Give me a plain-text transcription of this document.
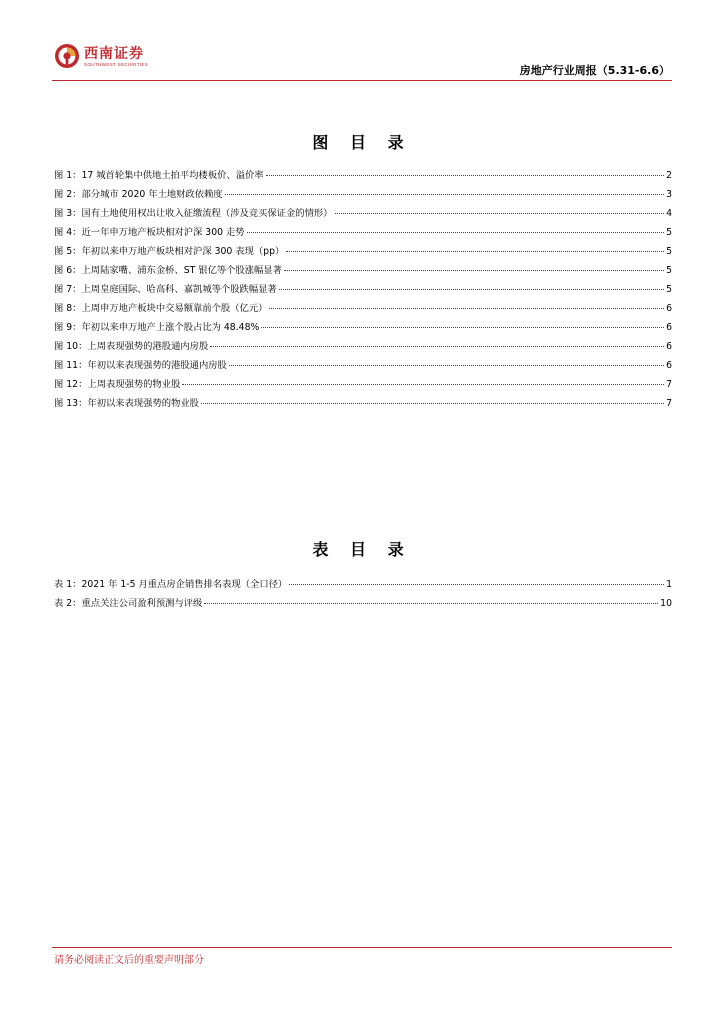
西南证券
SOUTHWEST SECURITIES	房地产行业周报（5.31-6.6）
图 目 录
图 1： 17 城首轮集中供地土拍平均楼板价、溢价率	2
图 2： 部分城市 2020 年土地财政依赖度	3
图 3： 国有土地使用权出让收入征缴流程（涉及竞买保证金的情形）	4
图 4： 近一年申万地产板块相对沪深 300 走势	5
图 5： 年初以来申万地产板块相对沪深 300 表现（pp）	5
图 6： 上周陆家嘴、浦东金桥、ST 银亿等个股涨幅显著	5
图 7： 上周皇庭国际、哈高科、嘉凯城等个股跌幅显著	5
图 8： 上周申万地产板块中交易额靠前个股（亿元）	6
图 9： 年初以来申万地产上涨个股占比为 48.48%	6
图 10： 上周表现强势的港股通内房股	6
图 11： 年初以来表现强势的港股通内房股	6
图 12： 上周表现强势的物业股	7
图 13： 年初以来表现强势的物业股	7
表 目 录
表 1： 2021 年 1-5 月重点房企销售排名表现（全口径）	1
表 2： 重点关注公司盈利预测与评级	10
请务必阅读正文后的重要声明部分
